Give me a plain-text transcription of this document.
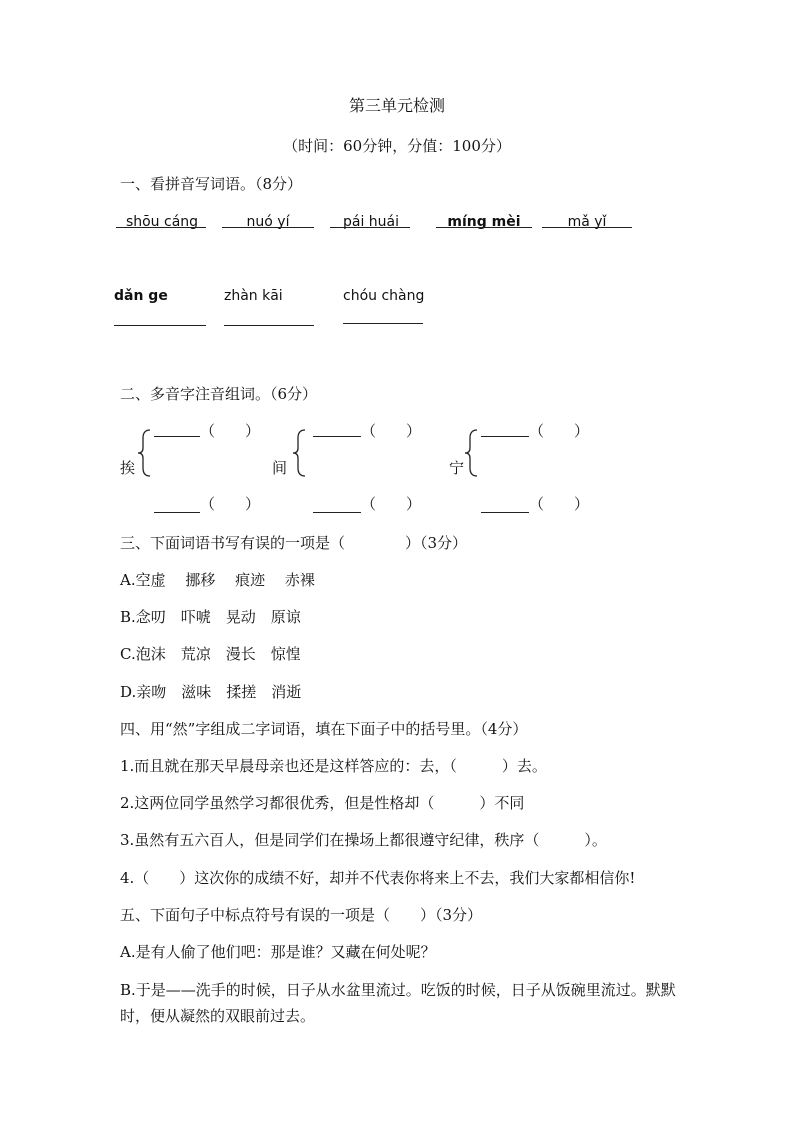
第三单元检测
（时间：60分钟，分值：100分）
一、看拼音写词语。（8分）
shōu cáng	nuó yí	pái huái	míng mèi	mǎ yǐ
dǎn ge	zhàn kāi	chóu chàng
二、多音字注音组词。（6分）
挨
（　　）
（　　）
间
（　　）
（　　）
宁
（　　）
（　　）
三、下面词语书写有误的一项是（　　　　）（3分）
A.空虚　 挪移　 痕迹　 赤裸
B.念叨　吓唬　晃动　原谅
C.泡沫　荒凉　漫长　惊惶
D.亲吻　滋味　揉搓　消逝
四、用“然”字组成二字词语，填在下面子中的括号里。（4分）
1.而且就在那天早晨母亲也还是这样答应的：去，（　　　）去。
2.这两位同学虽然学习都很优秀，但是性格却（　　　）不同
3.虽然有五六百人，但是同学们在操场上都很遵守纪律，秩序（　　　）。
4.（　　）这次你的成绩不好，却并不代表你将来上不去，我们大家都相信你!
五、下面句子中标点符号有误的一项是（　　）（3分）
A.是有人偷了他们吧：那是谁？又藏在何处呢？
B.于是——洗手的时候，日子从水盆里流过。吃饭的时候，日子从饭碗里流过。默默时，便从凝然的双眼前过去。
